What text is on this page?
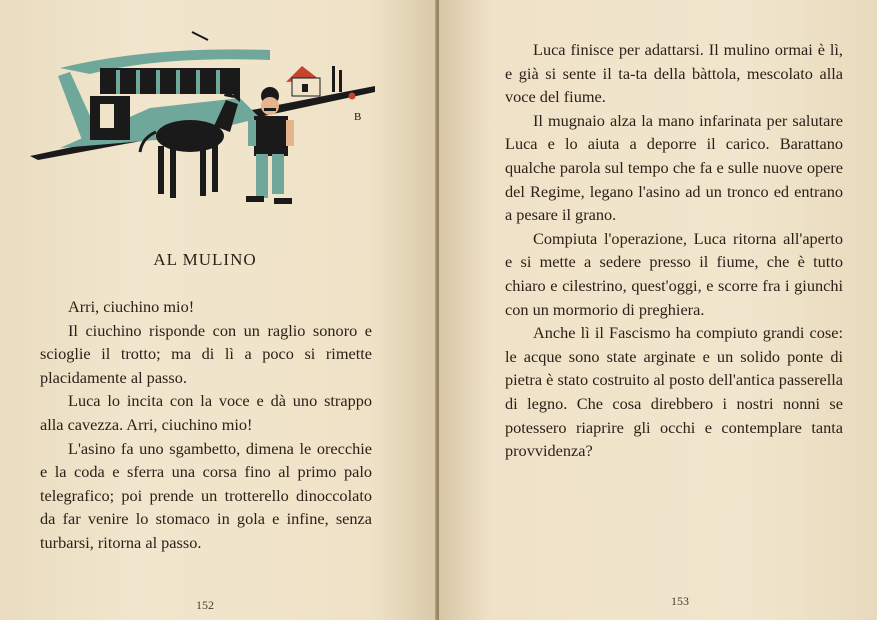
B
AL MULINO

Arri, ciuchino mio!

Il ciuchino risponde con un raglio sonoro e scioglie il trotto; ma di lì a poco si rimette placidamente al passo.

Luca lo incita con la voce e dà uno strappo alla cavezza. Arri, ciuchino mio!

L'asino fa uno sgambetto, dimena le orecchie e la coda e sferra una corsa fino al primo palo telegrafico; poi prende un trotterello dinoccolato da far venire lo stomaco in gola e infine, senza turbarsi, ritorna al passo.

152

Luca finisce per adattarsi. Il mulino ormai è lì, e già si sente il ta-ta della bàttola, mescolato alla voce del fiume.

Il mugnaio alza la mano infarinata per salutare Luca e lo aiuta a deporre il carico. Barattano qualche parola sul tempo che fa e sulle nuove opere del Regime, legano l'asino ad un tronco ed entrano a pesare il grano.

Compiuta l'operazione, Luca ritorna all'aperto e si mette a sedere presso il fiume, che è tutto chiaro e cilestrino, quest'oggi, e scorre fra i giunchi con un mormorio di preghiera.

Anche lì il Fascismo ha compiuto grandi cose: le acque sono state arginate e un solido ponte di pietra è stato costruito al posto dell'antica passerella di legno. Che cosa direbbero i nostri nonni se potessero riaprire gli occhi e contemplare tanta provvidenza?

153
